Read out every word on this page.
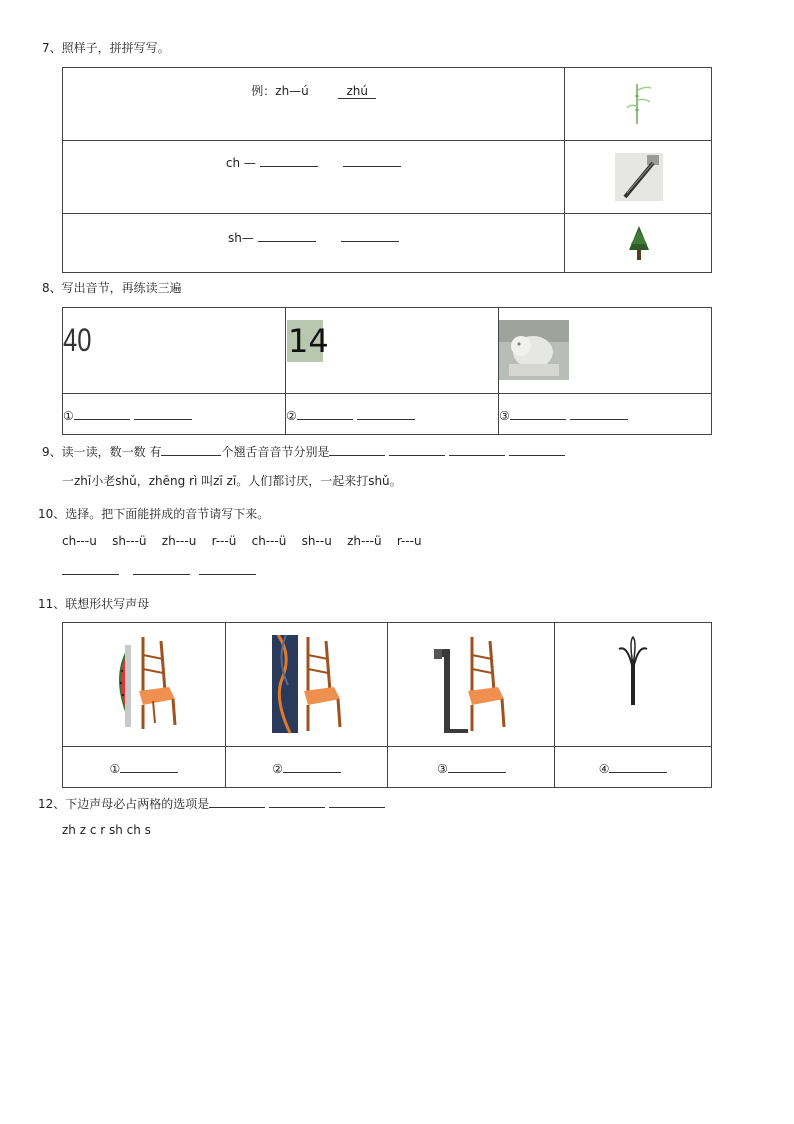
7、照样子，拼拼写写。
例：zh—ú zhú

ch —

sh—

8、写出音节，再练读三遍
40	14

①	②	③
9、读一读，数一数 有	个翘舌音音节分别是
一zhī小老shǔ，zhēng rì 叫zī zī。人们都讨厌，一起来打shǔ。
10、选择。把下面能拼成的音节请写下来。
ch---u sh---ü zh---u r---ü ch---ü sh--u zh---ü r---u

11、联想形状写声母

①	②	③	④
12、下边声母必占两格的选项是
zh z c r sh ch s
